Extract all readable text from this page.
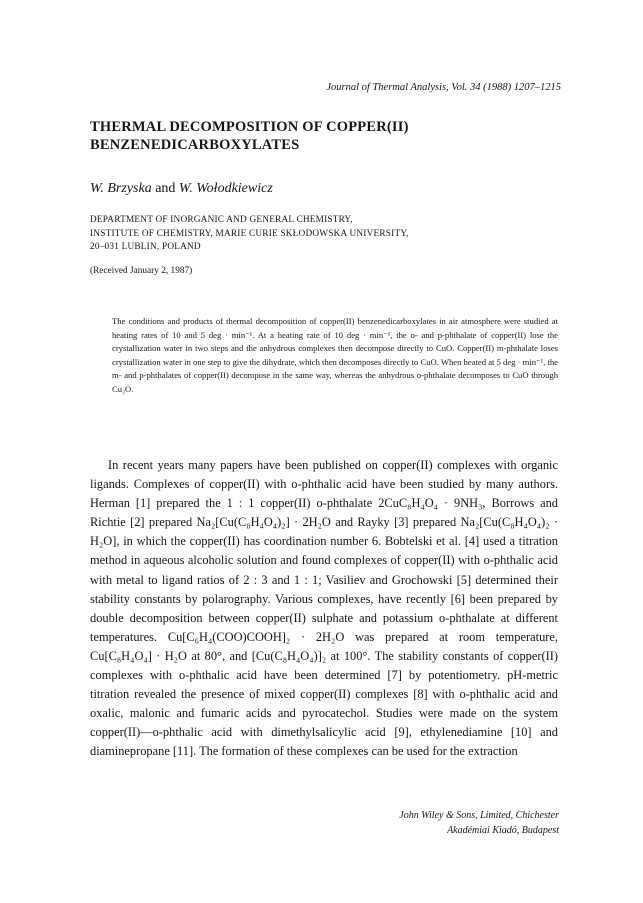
Journal of Thermal Analysis, Vol. 34 (1988) 1207–1215
THERMAL DECOMPOSITION OF COPPER(II)
BENZENEDICARBOXYLATES
W. Brzyska and W. Wołodkiewicz
DEPARTMENT OF INORGANIC AND GENERAL CHEMISTRY,
INSTITUTE OF CHEMISTRY, MARIE CURIE SKŁODOWSKA UNIVERSITY,
20–031 LUBLIN, POLAND
(Received January 2, 1987)
The conditions and products of thermal decomposition of copper(II) benzenedicarboxylates in air atmosphere were studied at heating rates of 10 and 5 deg · min⁻¹. At a heating rate of 10 deg · min⁻¹, the o- and p-phthalate of copper(II) lose the crystallization water in two steps and the anhydrous complexes then decompose directly to CuO. Copper(II) m-phthalate loses crystallization water in one step to give the dihydrate, which then decomposes directly to CuO. When heated at 5 deg · min⁻¹, the m- and p-phthalates of copper(II) decompose in the same way, whereas the anhydrous o-phthalate decomposes to CuO through Cu₂O.

In recent years many papers have been published on copper(II) complexes with organic ligands. Complexes of copper(II) with o-phthalic acid have been studied by many authors. Herman [1] prepared the 1 : 1 copper(II) o-phthalate 2CuC₈H₄O₄ · 9NH₃, Borrows and Richtie [2] prepared Na₂[Cu(C₈H₄O₄)₂] · 2H₂O and Rayky [3] prepared Na₂[Cu(C₈H₄O₄)₂ · H₂O], in which the copper(II) has coordination number 6. Bobtelski et al. [4] used a titration method in aqueous alcoholic solution and found complexes of copper(II) with o-phthalic acid with metal to ligand ratios of 2 : 3 and 1 : 1; Vasiliev and Grochowski [5] determined their stability constants by polarography. Various complexes, have recently [6] been prepared by double decomposition between copper(II) sulphate and potassium o-phthalate at different temperatures. Cu[C₆H₄(COO)COOH]₂ · 2H₂O was prepared at room temperature, Cu[C₈H₄O₄] · H₂O at 80°, and [Cu(C₈H₄O₄)]₂ at 100°. The stability constants of copper(II) complexes with o-phthalic acid have been determined [7] by potentiometry. pH-metric titration revealed the presence of mixed copper(II) complexes [8] with o-phthalic acid and oxalic, malonic and fumaric acids and pyrocatechol. Studies were made on the system copper(II)—o-phthalic acid with dimethylsalicylic acid [9], ethylenediamine [10] and diaminepropane [11]. The formation of these complexes can be used for the extraction

John Wiley & Sons, Limited, Chichester
Akadémiai Kiadó, Budapest
